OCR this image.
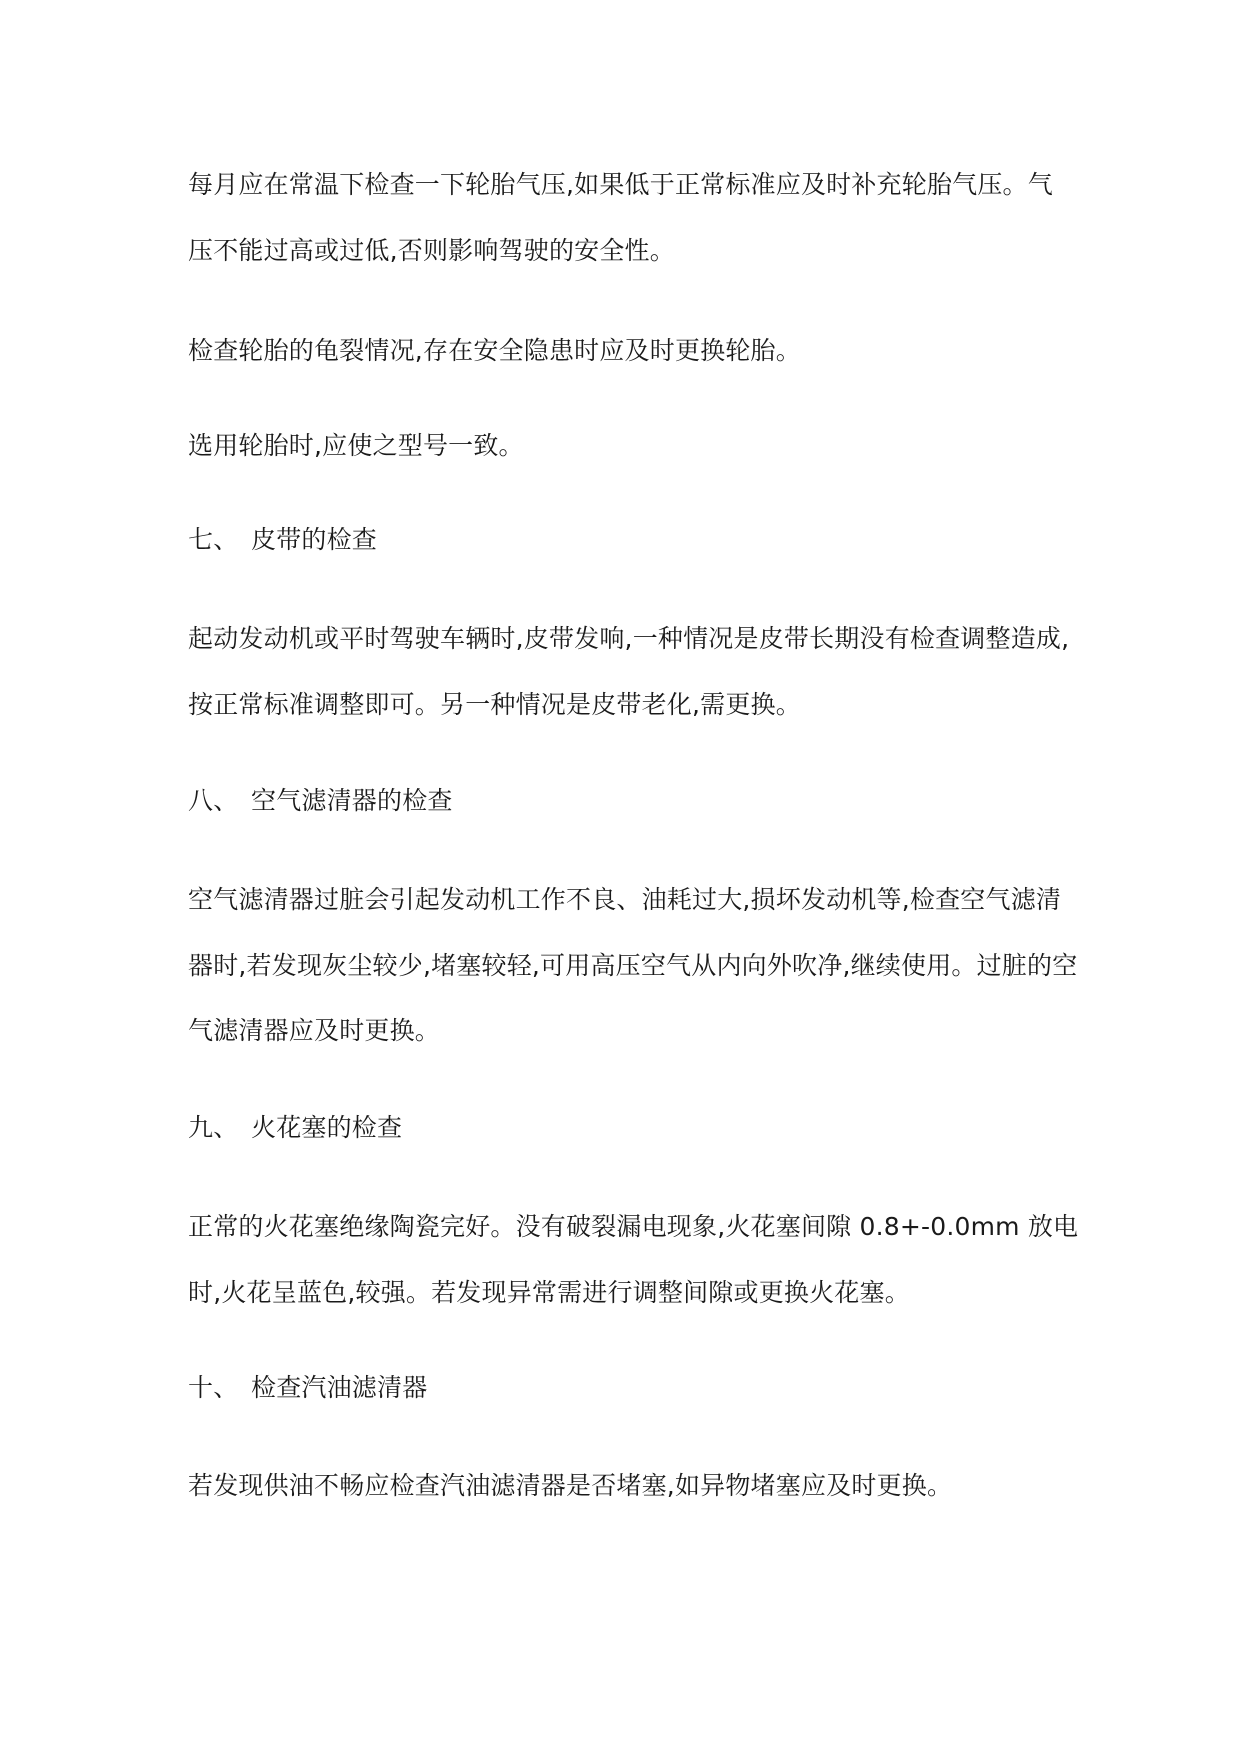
每月应在常温下检查一下轮胎气压,如果低于正常标准应及时补充轮胎气压。气
压不能过高或过低,否则影响驾驶的安全性。
检查轮胎的龟裂情况,存在安全隐患时应及时更换轮胎。
选用轮胎时,应使之型号一致。
七、 皮带的检查
起动发动机或平时驾驶车辆时,皮带发响,一种情况是皮带长期没有检查调整造成,
按正常标准调整即可。另一种情况是皮带老化,需更换。
八、 空气滤清器的检查
空气滤清器过脏会引起发动机工作不良、油耗过大,损坏发动机等,检查空气滤清
器时,若发现灰尘较少,堵塞较轻,可用高压空气从内向外吹净,继续使用。过脏的空
气滤清器应及时更换。
九、 火花塞的检查
正常的火花塞绝缘陶瓷完好。没有破裂漏电现象,火花塞间隙 0.8+-0.0mm 放电
时,火花呈蓝色,较强。若发现异常需进行调整间隙或更换火花塞。
十、 检查汽油滤清器
若发现供油不畅应检查汽油滤清器是否堵塞,如异物堵塞应及时更换。
